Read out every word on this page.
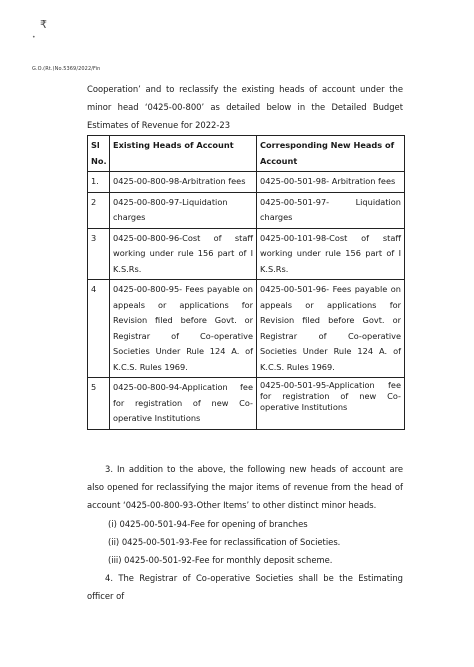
₹
•
G.O.(Rt.)No.5369/2022/Fin
Cooperation’ and to reclassify the existing heads of account under the minor head ‘0425-00-800’ as detailed below in the Detailed Budget Estimates of Revenue for 2022-23
Sl No.	Existing Heads of Account	Corresponding New Heads of Account
1.	0425-00-800-98-Arbitration fees	0425-00-501-98- Arbitration fees
2	0425-00-800-97-Liquidation charges	0425-00-501-97- Liquidation charges
3	0425-00-800-96-Cost of staff working under rule 156 part of I K.S.Rs.	0425-00-101-98-Cost of staff working under rule 156 part of I K.S.Rs.
4	0425-00-800-95- Fees payable on appeals or applications for Revision filed before Govt. or Registrar of Co-operative Societies Under Rule 124 A. of K.C.S. Rules 1969.	0425-00-501-96- Fees payable on appeals or applications for Revision filed before Govt. or Registrar of Co-operative Societies Under Rule 124 A. of K.C.S. Rules 1969.
5	0425-00-800-94-Application fee for registration of new Co-operative Institutions	0425-00-501-95-Application fee for registration of new Co-operative Institutions
3. In addition to the above, the following new heads of account are also opened for reclassifying the major items of revenue from the head of account ‘0425-00-800-93-Other Items’ to other distinct minor heads.
(i) 0425-00-501-94-Fee for opening of branches
(ii) 0425-00-501-93-Fee for reclassification of Societies.
(iii) 0425-00-501-92-Fee for monthly deposit scheme.
4. The Registrar of Co-operative Societies shall be the Estimating officer of
